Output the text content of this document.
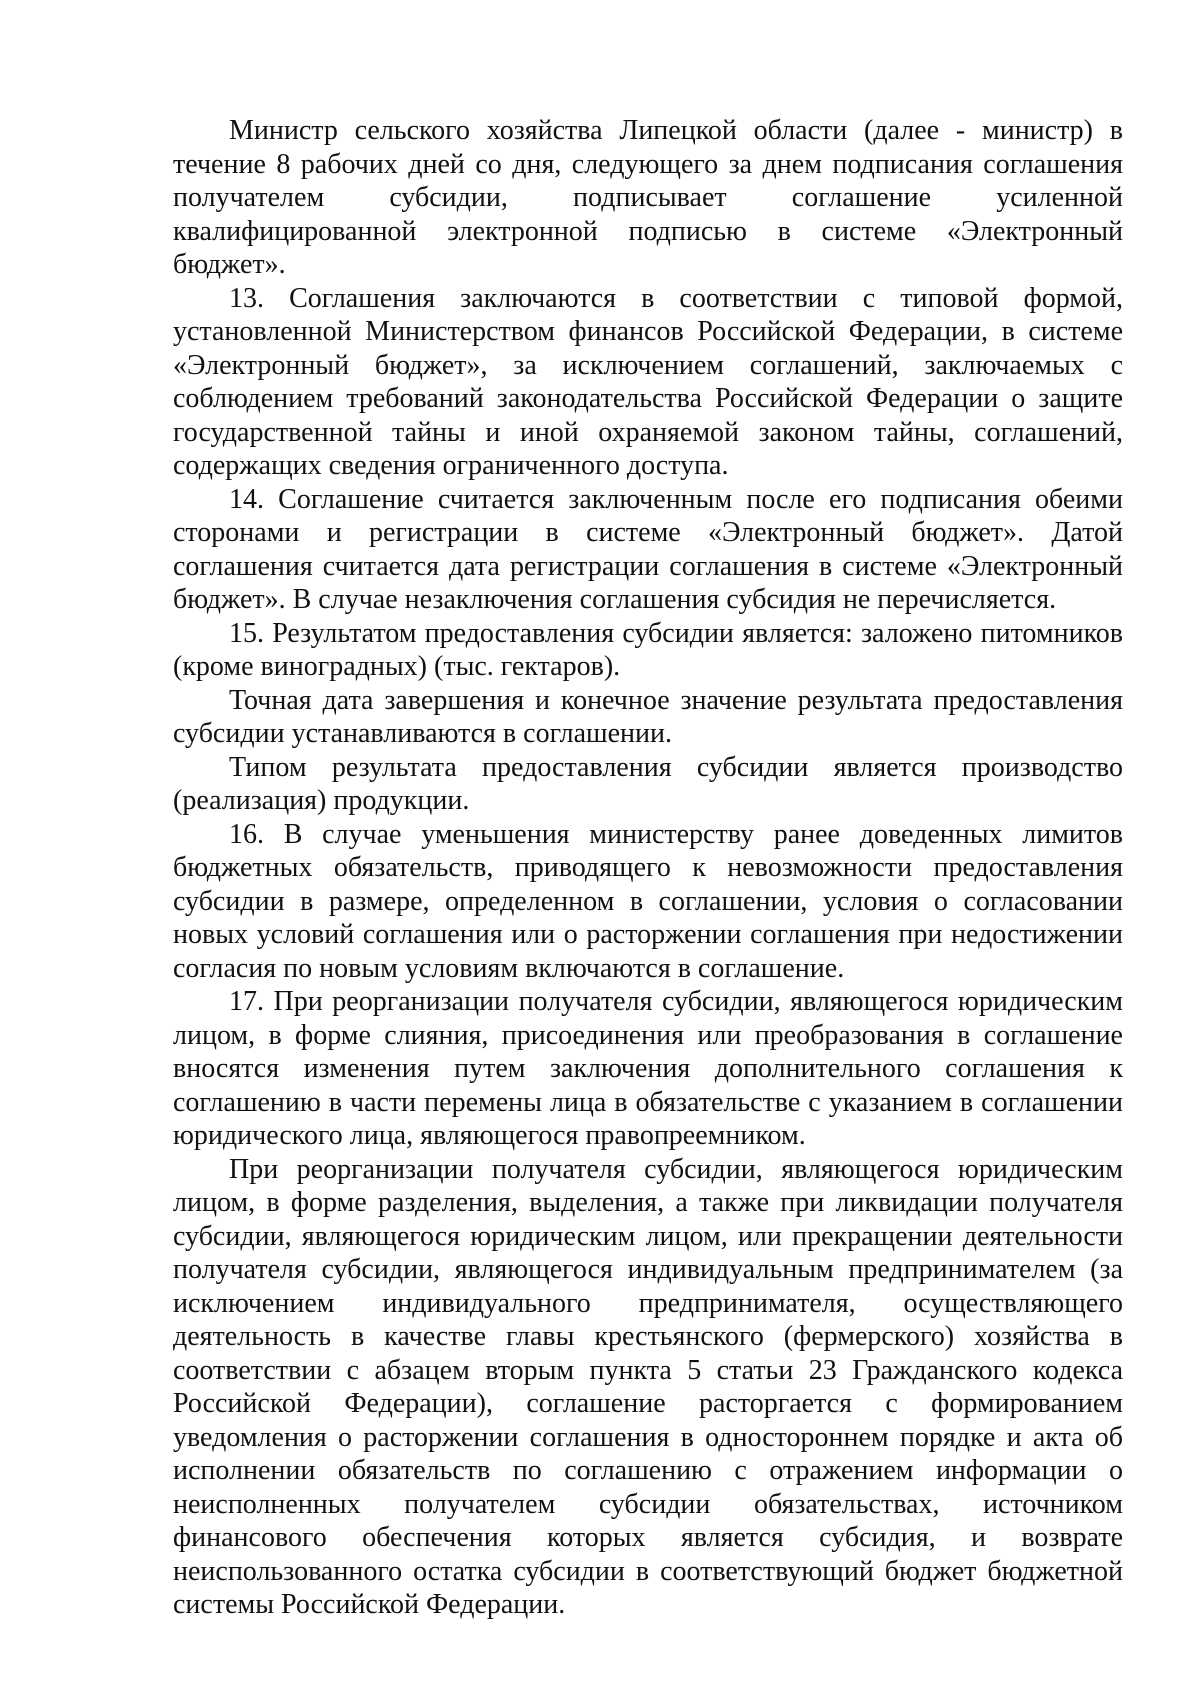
Министр сельского хозяйства Липецкой области (далее - министр) в течение 8 рабочих дней со дня, следующего за днем подписания соглашения получателем субсидии, подписывает соглашение усиленной квалифицированной электронной подписью в системе «Электронный бюджет».

13. Соглашения заключаются в соответствии с типовой формой, установленной Министерством финансов Российской Федерации, в системе «Электронный бюджет», за исключением соглашений, заключаемых с соблюдением требований законодательства Российской Федерации о защите государственной тайны и иной охраняемой законом тайны, соглашений, содержащих сведения ограниченного доступа.

14. Соглашение считается заключенным после его подписания обеими сторонами и регистрации в системе «Электронный бюджет». Датой соглашения считается дата регистрации соглашения в системе «Электронный бюджет». В случае незаключения соглашения субсидия не перечисляется.

15. Результатом предоставления субсидии является: заложено питомников (кроме виноградных) (тыс. гектаров).

Точная дата завершения и конечное значение результата предоставления субсидии устанавливаются в соглашении.

Типом результата предоставления субсидии является производство (реализация) продукции.

16. В случае уменьшения министерству ранее доведенных лимитов бюджетных обязательств, приводящего к невозможности предоставления субсидии в размере, определенном в соглашении, условия о согласовании новых условий соглашения или о расторжении соглашения при недостижении согласия по новым условиям включаются в соглашение.

17. При реорганизации получателя субсидии, являющегося юридическим лицом, в форме слияния, присоединения или преобразования в соглашение вносятся изменения путем заключения дополнительного соглашения к соглашению в части перемены лица в обязательстве с указанием в соглашении юридического лица, являющегося правопреемником.

При реорганизации получателя субсидии, являющегося юридическим лицом, в форме разделения, выделения, а также при ликвидации получателя субсидии, являющегося юридическим лицом, или прекращении деятельности получателя субсидии, являющегося индивидуальным предпринимателем (за исключением индивидуального предпринимателя, осуществляющего деятельность в качестве главы крестьянского (фермерского) хозяйства в соответствии с абзацем вторым пункта 5 статьи 23 Гражданского кодекса Российской Федерации), соглашение расторгается с формированием уведомления о расторжении соглашения в одностороннем порядке и акта об исполнении обязательств по соглашению с отражением информации о неисполненных получателем субсидии обязательствах, источником финансового обеспечения которых является субсидия, и возврате неиспользованного остатка субсидии в соответствующий бюджет бюджетной системы Российской Федерации.
